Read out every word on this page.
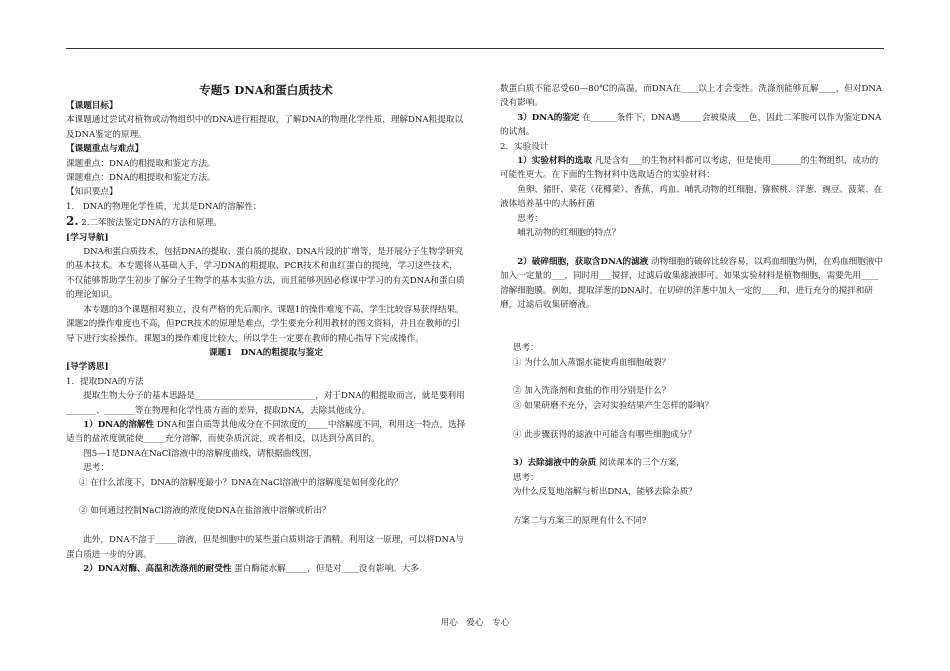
专题5 DNA和蛋白质技术

【课题目标】

本课题通过尝试对植物或动物组织中的DNA进行粗提取，了解DNA的物理化学性质，理解DNA粗提取以及DNA鉴定的原理。

【课题重点与难点】

课题重点：DNA的粗提取和鉴定方法。

课题难点：DNA的粗提取和鉴定方法。

【知识要点】

1.　DNA的物理化学性质，尤其是DNA的溶解性；

2. 2.二苯胺法鉴定DNA的方法和原理。

[学习导航]

DNA和蛋白质技术，包括DNA的提取、蛋白质的提取、DNA片段的扩增等，是开展分子生物学研究的基本技术。本专题将从基础入手，学习DNA的粗提取、PCR技术和血红蛋白的提纯，学习这些技术，不仅能够帮助学生初步了解分子生物学的基本实验方法，而且能够巩固必修课中学习的有关DNA和蛋白质的理论知识。

本专题的3个课题相对独立，没有严格的先后顺序。课题1的操作难度不高，学生比较容易获得结果。课题2的操作难度也不高，但PCR技术的原理是难点，学生要充分利用教材的图文资料，并且在教师的引导下进行实验操作。课题3的操作难度比较大，所以学生一定要在教师的精心指导下完成操作。

课题1　DNA的粗提取与鉴定

[导学诱思]

1．提取DNA的方法

提取生物大分子的基本思路是____________________________，对于DNA的粗提取而言，就是要利用_______、_______等在物理和化学性质方面的差异，提取DNA，去除其他成分。

1）DNA的溶解性 DNA和蛋白质等其他成分在不同浓度的_____中溶解度不同，利用这一特点，选择适当的盐浓度就能使_____充分溶解，而使杂质沉淀，或者相反，以达到分离目的。

图5—1是DNA在NaCl溶液中的溶解度曲线，请根据曲线图，

思考：

① 在什么浓度下，DNA的溶解度最小？DNA在NaCl溶液中的溶解度是如何变化的？

② 如何通过控制NaCl溶液的浓度使DNA在盐溶液中溶解或析出？

此外，DNA不溶于_____溶液，但是细胞中的某些蛋白质则溶于酒精。利用这一原理，可以将DNA与蛋白质进一步的分离。

2）DNA对酶、高温和洗涤剂的耐受性 蛋白酶能水解_____，但是对____没有影响。大多

数蛋白质不能忍受60—80℃的高温，而DNA在____以上才会变性。洗涤剂能够瓦解____，但对DNA没有影响。

3）DNA的鉴定 在______条件下，DNA遇_____会被染成___色，因此二苯胺可以作为鉴定DNA的试剂。

2．实验设计

1）实验材料的选取 凡是含有___的生物材料都可以考虑，但是使用_______的生物组织，成功的可能性更大。在下面的生物材料中选取适合的实验材料：

鱼卵、猪肝、菜花（花椰菜）、香蕉、鸡血、哺乳动物的红细胞、猕猴桃、洋葱、豌豆、菠菜、在液体培养基中的大肠杆菌

思考：

哺乳动物的红细胞的特点？

2）破碎细胞，获取含DNA的滤液 动物细胞的破碎比较容易，以鸡血细胞为例，在鸡血细胞液中加入一定量的___，同时用___搅拌，过滤后收集滤液即可。如果实验材料是植物细胞，需要先用____溶解细胞膜。例如，提取洋葱的DNA时，在切碎的洋葱中加入一定的____和，进行充分的搅拌和研磨，过滤后收集研磨液。

思考：

① 为什么加入蒸馏水能使鸡血细胞破裂？

② 加入洗涤剂和食盐的作用分别是什么？

③ 如果研磨不充分，会对实验结果产生怎样的影响？

④ 此步骤获得的滤液中可能含有哪些细胞成分？

3）去除滤液中的杂质 阅读课本的三个方案，

思考：

为什么反复地溶解与析出DNA，能够去除杂质？

方案二与方案三的原理有什么不同?

用心　爱心　专心
